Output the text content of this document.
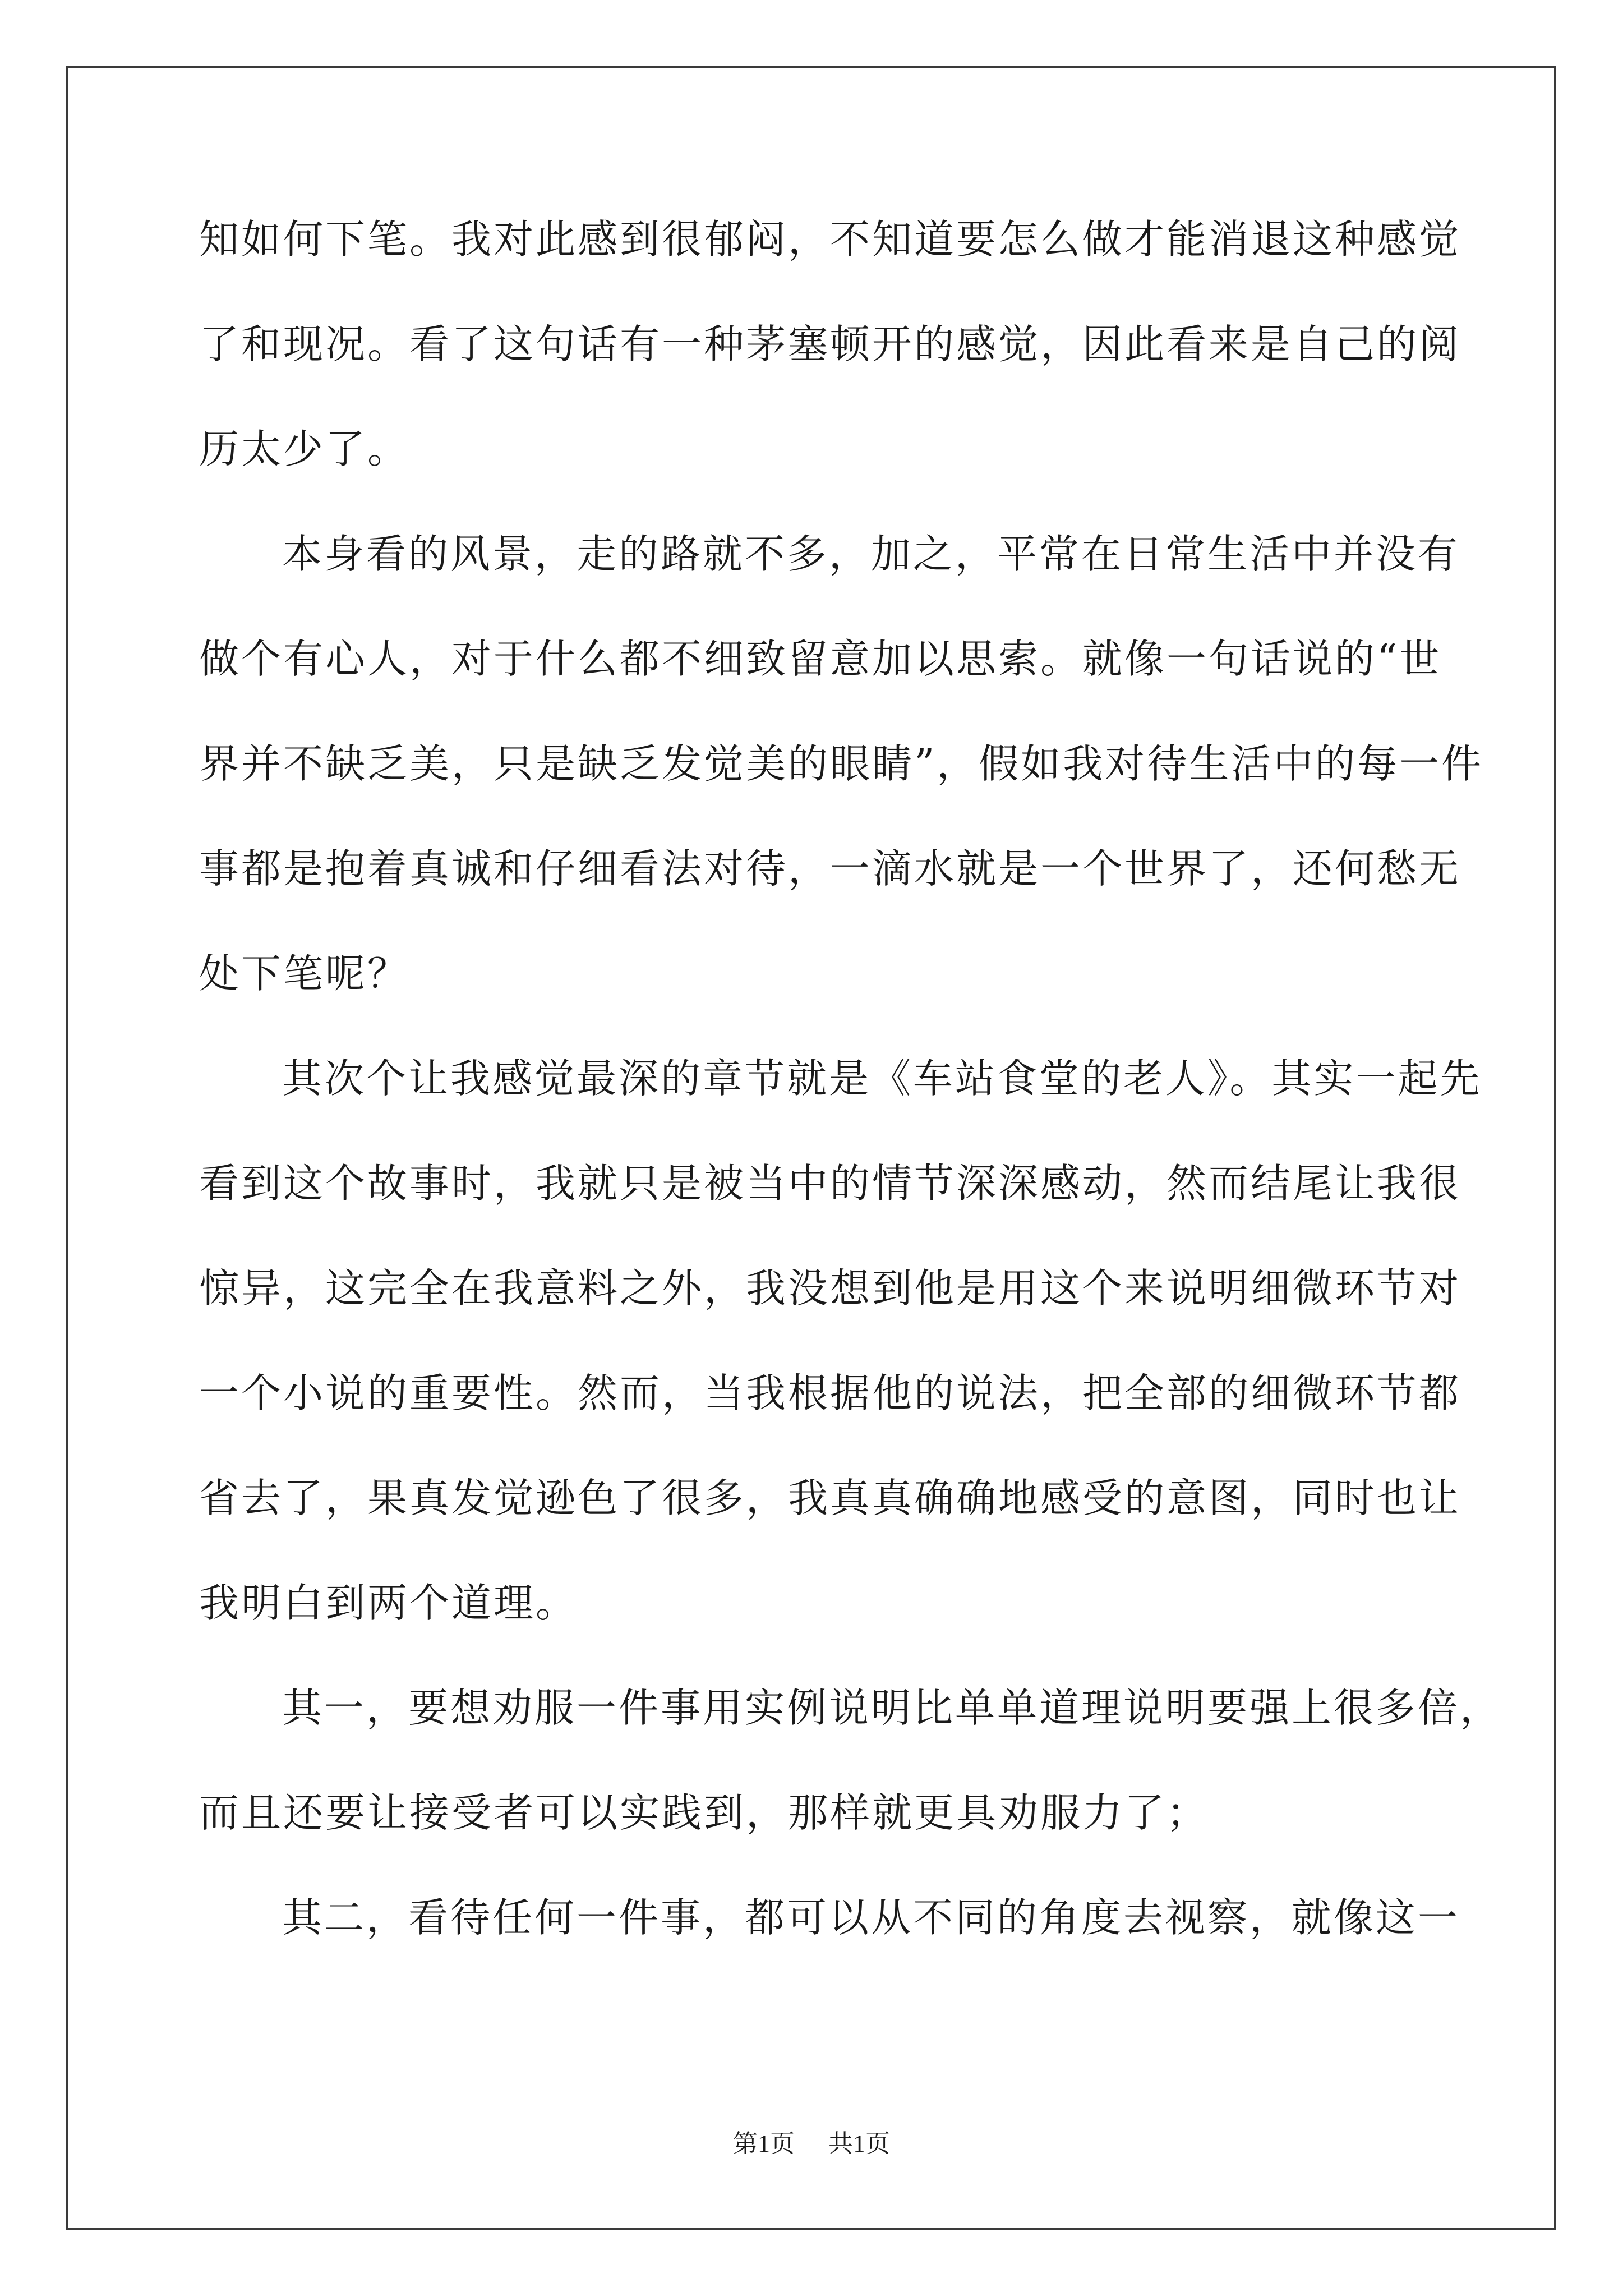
知如何下笔。我对此感到很郁闷，不知道要怎么做才能消退这种感觉
了和现况。看了这句话有一种茅塞顿开的感觉，因此看来是自己的阅
历太少了。
本身看的风景，走的路就不多，加之，平常在日常生活中并没有
做个有心人，对于什么都不细致留意加以思索。就像一句话说的“世
界并不缺乏美，只是缺乏发觉美的眼睛”，假如我对待生活中的每一件
事都是抱着真诚和仔细看法对待，一滴水就是一个世界了，还何愁无
处下笔呢？
其次个让我感觉最深的章节就是《车站食堂的老人》。其实一起先
看到这个故事时，我就只是被当中的情节深深感动，然而结尾让我很
惊异，这完全在我意料之外，我没想到他是用这个来说明细微环节对
一个小说的重要性。然而，当我根据他的说法，把全部的细微环节都
省去了，果真发觉逊色了很多，我真真确确地感受的意图，同时也让
我明白到两个道理。
其一，要想劝服一件事用实例说明比单单道理说明要强上很多倍，
而且还要让接受者可以实践到，那样就更具劝服力了；
其二，看待任何一件事，都可以从不同的角度去视察，就像这一
第1页 共1页
